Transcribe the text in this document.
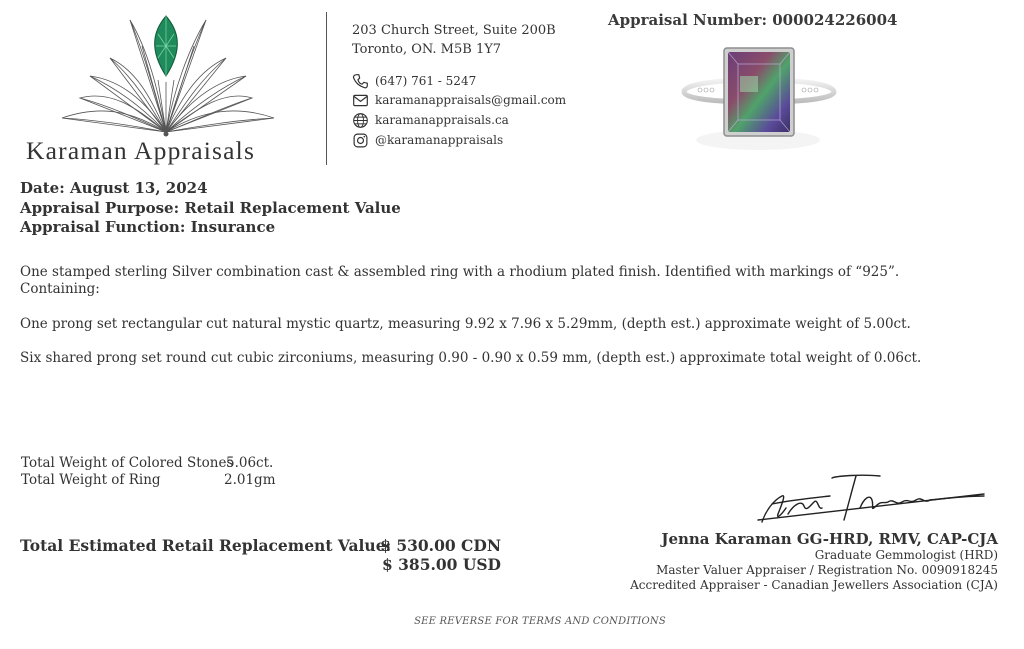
Karaman Appraisals
203 Church Street, Suite 200B
Toronto, ON. M5B 1Y7
(647) 761 - 5247
karamanappraisals@gmail.com
karamanappraisals.ca
@karamanappraisals
Appraisal Number: 000024226004
Date: August 13, 2024
Appraisal Purpose: Retail Replacement Value
Appraisal Function: Insurance
One stamped sterling Silver combination cast & assembled ring with a rhodium plated finish. Identified with markings of “925”.
Containing:
One prong set rectangular cut natural mystic quartz, measuring 9.92 x 7.96 x 5.29mm, (depth est.) approximate weight of 5.00ct.
Six shared prong set round cut cubic zirconiums, measuring 0.90 - 0.90 x 0.59 mm, (depth est.) approximate total weight of 0.06ct.
Total Weight of Colored Stones
5.06ct.
Total Weight of Ring	2.01gm
Total Estimated Retail Replacement Value:
$ 530.00 CDN
$ 385.00 USD
Jenna Karaman GG-HRD, RMV, CAP-CJA
Graduate Gemmologist (HRD)
Master Valuer Appraiser / Registration No. 0090918245
Accredited Appraiser - Canadian Jewellers Association (CJA)
SEE REVERSE FOR TERMS AND CONDITIONS
